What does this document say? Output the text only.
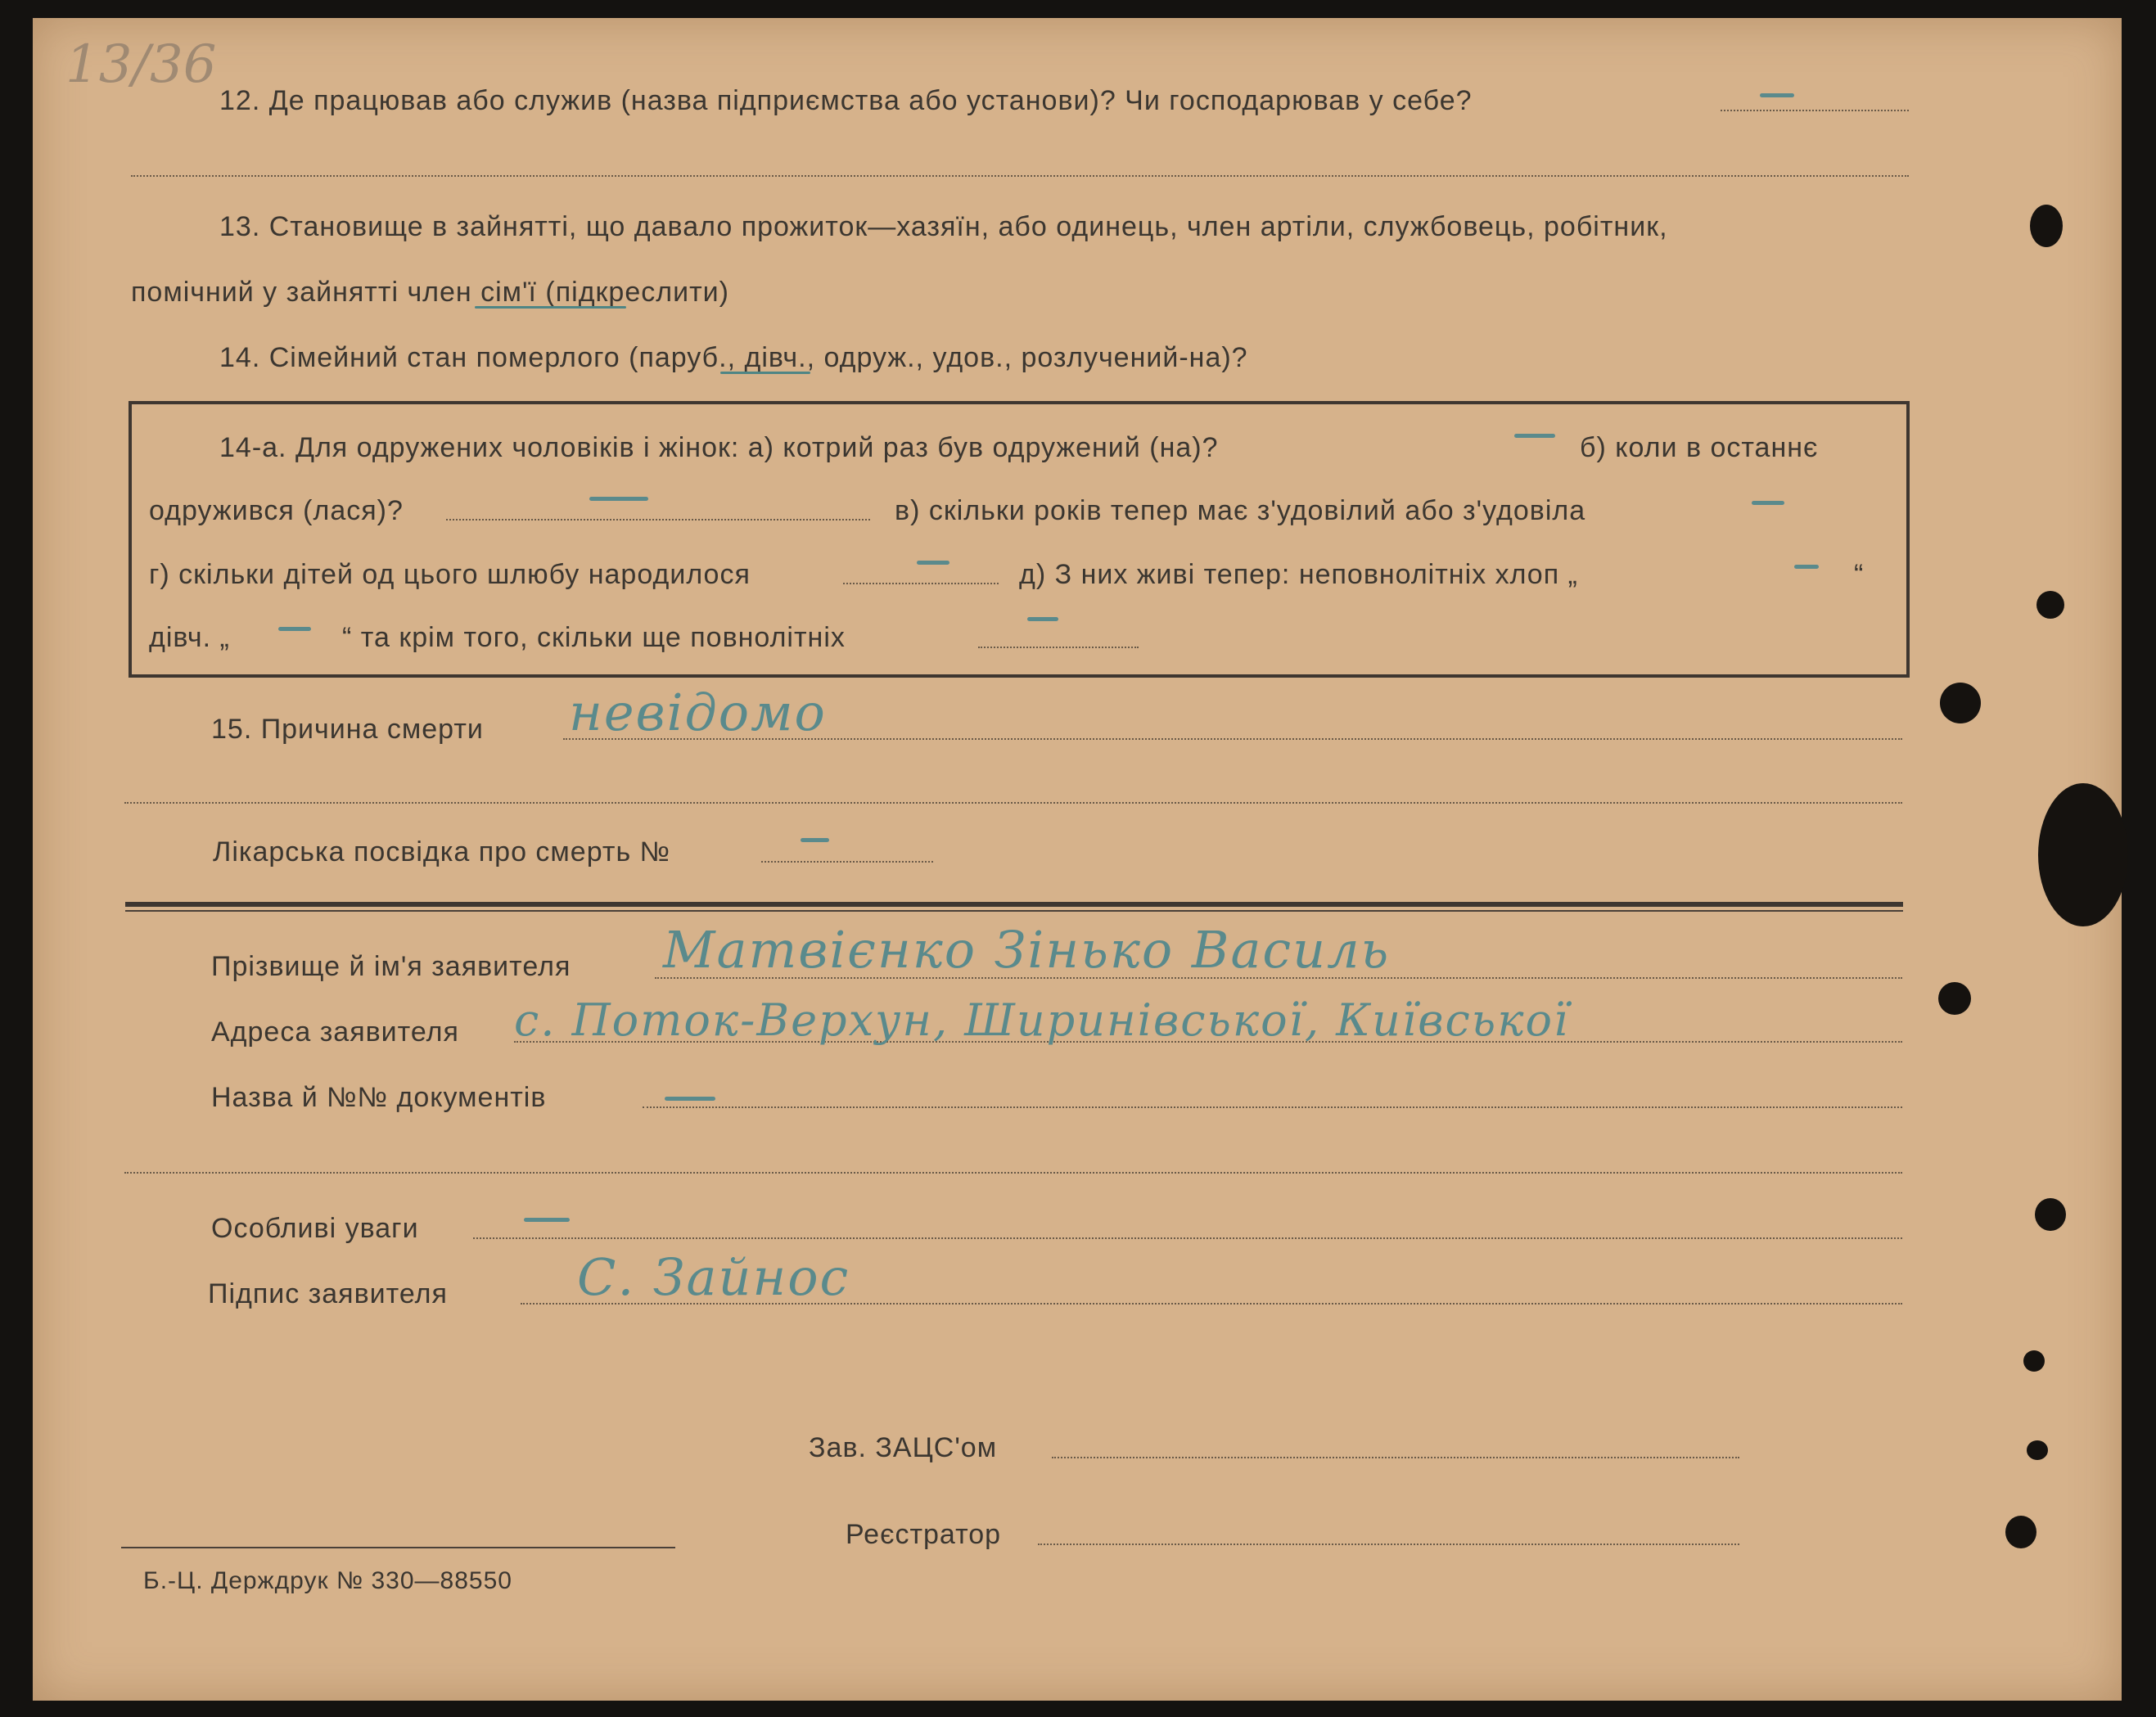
13/36
12. Де працював або служив (назва підприємства або установи)? Чи господарював у себе?
13. Становище в зайнятті, що давало прожиток—хазяїн, або одинець, член артіли, службовець, робітник,
помічний у зайнятті член сім'ї (підкреслити)
14. Сімейний стан померлого (паруб., дівч., одруж., удов., розлучений-на)?
14-а. Для одружених чоловіків і жінок: а) котрий раз був одружений (на)?	б) коли в останнє
одружився (лася)?	в) скільки років тепер має з'удовілий або з'удовіла
г) скільки дітей од цього шлюбу народилося	д) З них живі тепер: неповнолітніх хлоп „	“
дівч. „	“ та крім того, скільки ще повнолітніх
15. Причина смерти невідомо
Лікарська посвідка про смерть №
Прізвище й ім'я заявителя Матвієнко Зінько Василь
Адреса заявителя с. Поток-Верхун, Ширинівської, Київської
Назва й №№ документів
Особливі уваги
Підпис заявителя	С. Зайнос
Зав. ЗАЦС'ом
Реєстратор
Б.-Ц. Держдрук № 330—88550
